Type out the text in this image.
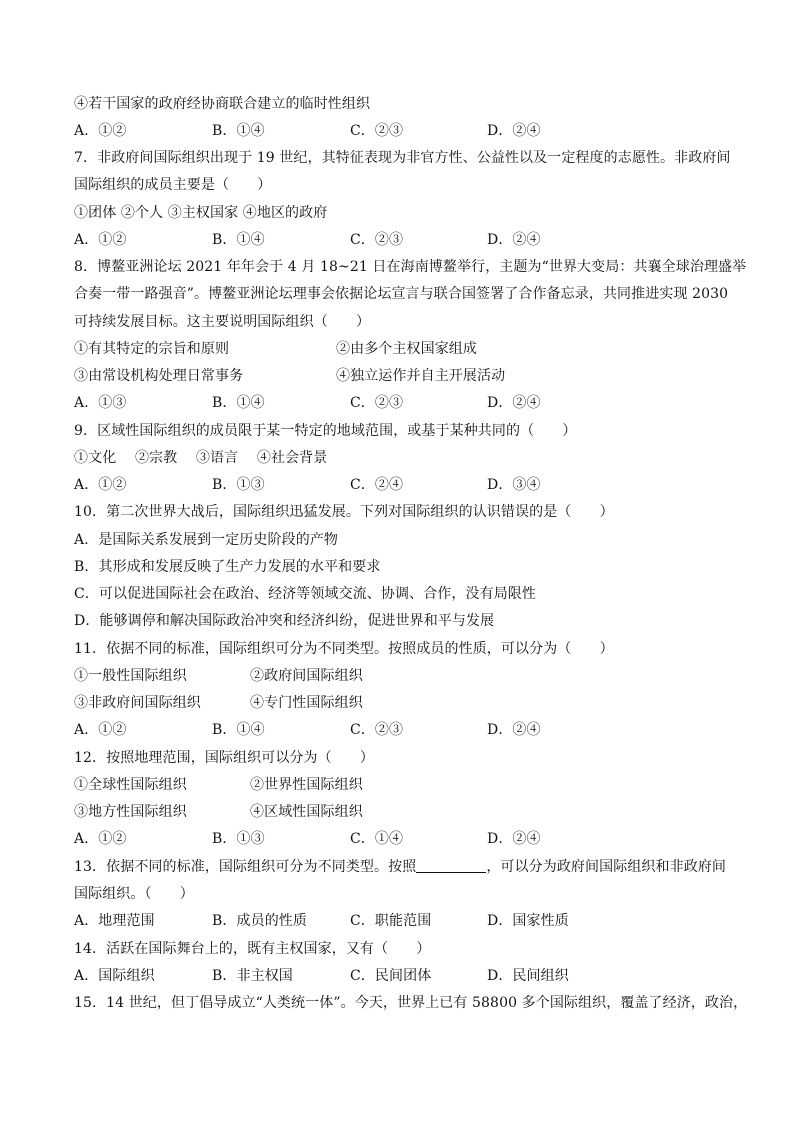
④若干国家的政府经协商联合建立的临时性组织
A．①②	B．①④	C．②③	D．②④
7．非政府间国际组织出现于 19 世纪，其特征表现为非官方性、公益性以及一定程度的志愿性。非政府间
国际组织的成员主要是（　　）
①团体 ②个人 ③主权国家 ④地区的政府
A．①②	B．①④	C．②③	D．②④
8．博鳌亚洲论坛 2021 年年会于 4 月 18~21 日在海南博鳌举行，主题为“世界大变局：共襄全球治理盛举
合奏一带一路强音”。博鳌亚洲论坛理事会依据论坛宣言与联合国签署了合作备忘录，共同推进实现 2030
可持续发展目标。这主要说明国际组织（　　）
①有其特定的宗旨和原则	②由多个主权国家组成
③由常设机构处理日常事务	④独立运作并自主开展活动
A．①③	B．①④	C．②③	D．②④
9．区域性国际组织的成员限于某一特定的地域范围，或基于某种共同的（　　）
①文化　 ②宗教　 ③语言　 ④社会背景
A．①②	B．①③	C．②④	D．③④
10．第二次世界大战后，国际组织迅猛发展。下列对国际组织的认识错误的是（　　）
A．是国际关系发展到一定历史阶段的产物
B．其形成和发展反映了生产力发展的水平和要求
C．可以促进国际社会在政治、经济等领域交流、协调、合作，没有局限性
D．能够调停和解决国际政治冲突和经济纠纷，促进世界和平与发展
11．依据不同的标准，国际组织可分为不同类型。按照成员的性质，可以分为（　　）
①一般性国际组织	②政府间国际组织
③非政府间国际组织	④专门性国际组织
A．①②	B．①④	C．②③	D．②④
12．按照地理范围，国际组织可以分为（　　）
①全球性国际组织	②世界性国际组织
③地方性国际组织	④区域性国际组织
A．①②	B．①③	C．①④	D．②④
13．依据不同的标准，国际组织可分为不同类型。按照	，可以分为政府间国际组织和非政府间
国际组织。（　　）
A．地理范围	B．成员的性质	C．职能范围	D．国家性质
14．活跃在国际舞台上的，既有主权国家，又有（　　）
A．国际组织	B．非主权国	C．民间团体	D．民间组织
15．14 世纪，但丁倡导成立“人类统一体”。今天，世界上已有 58800 多个国际组织，覆盖了经济，政治，
